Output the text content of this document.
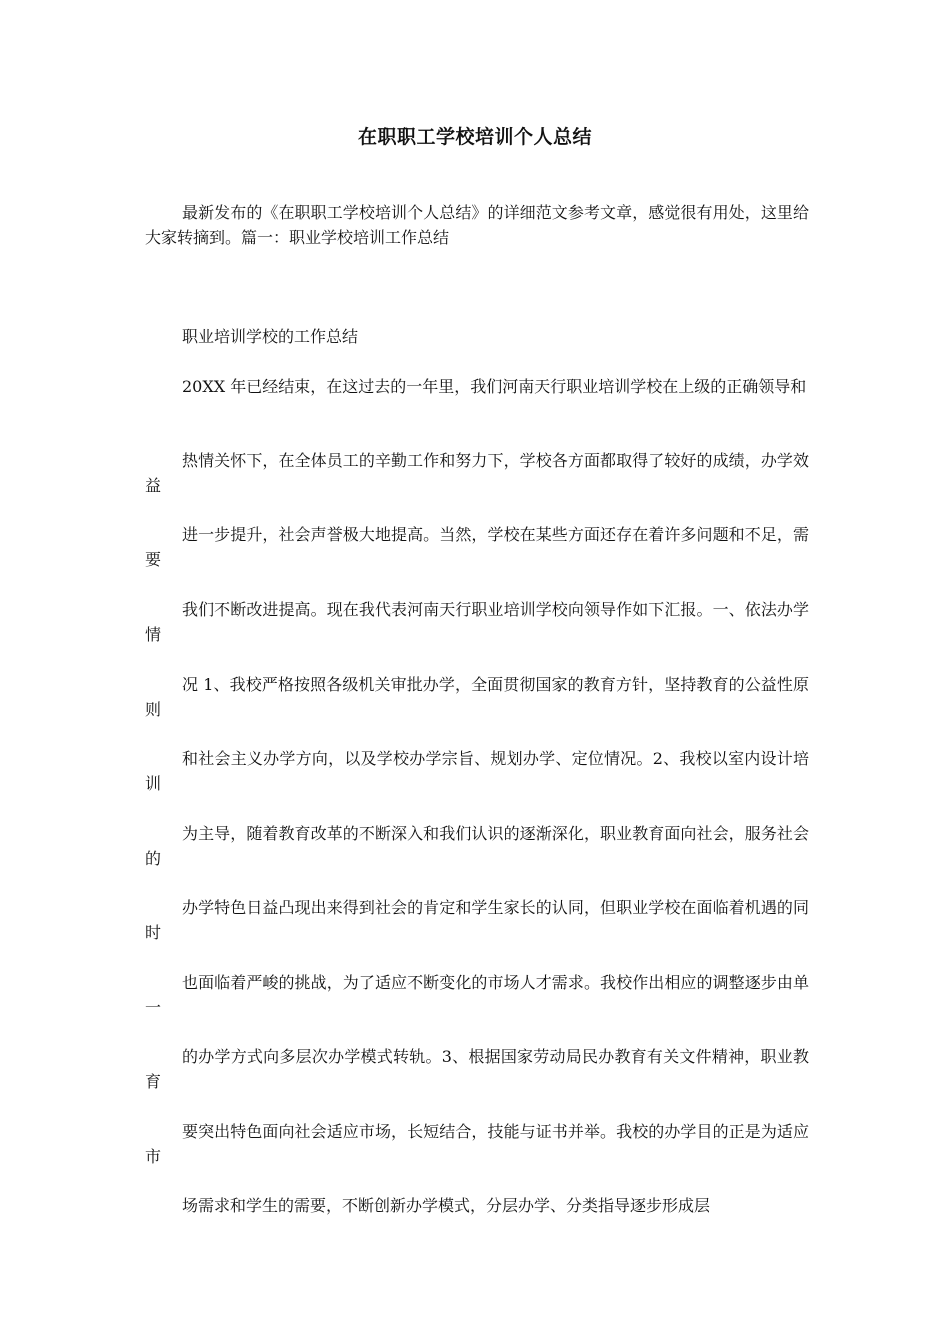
在职职工学校培训个人总结

最新发布的《在职职工学校培训个人总结》的详细范文参考文章，感觉很有用处，这里给大家转摘到。篇一：职业学校培训工作总结

职业培训学校的工作总结

20XX 年已经结束，在这过去的一年里，我们河南天行职业培训学校在上级的正确领导和

热情关怀下，在全体员工的辛勤工作和努力下，学校各方面都取得了较好的成绩，办学效益

进一步提升，社会声誉极大地提高。当然，学校在某些方面还存在着许多问题和不足，需要

我们不断改进提高。现在我代表河南天行职业培训学校向领导作如下汇报。一、依法办学情

况 1、我校严格按照各级机关审批办学，全面贯彻国家的教育方针，坚持教育的公益性原则

和社会主义办学方向，以及学校办学宗旨、规划办学、定位情况。2、我校以室内设计培训

为主导，随着教育改革的不断深入和我们认识的逐渐深化，职业教育面向社会，服务社会的

办学特色日益凸现出来得到社会的肯定和学生家长的认同，但职业学校在面临着机遇的同时

也面临着严峻的挑战，为了适应不断变化的市场人才需求。我校作出相应的调整逐步由单一

的办学方式向多层次办学模式转轨。3、根据国家劳动局民办教育有关文件精神，职业教育

要突出特色面向社会适应市场，长短结合，技能与证书并举。我校的办学目的正是为适应市

场需求和学生的需要，不断创新办学模式，分层办学、分类指导逐步形成层
